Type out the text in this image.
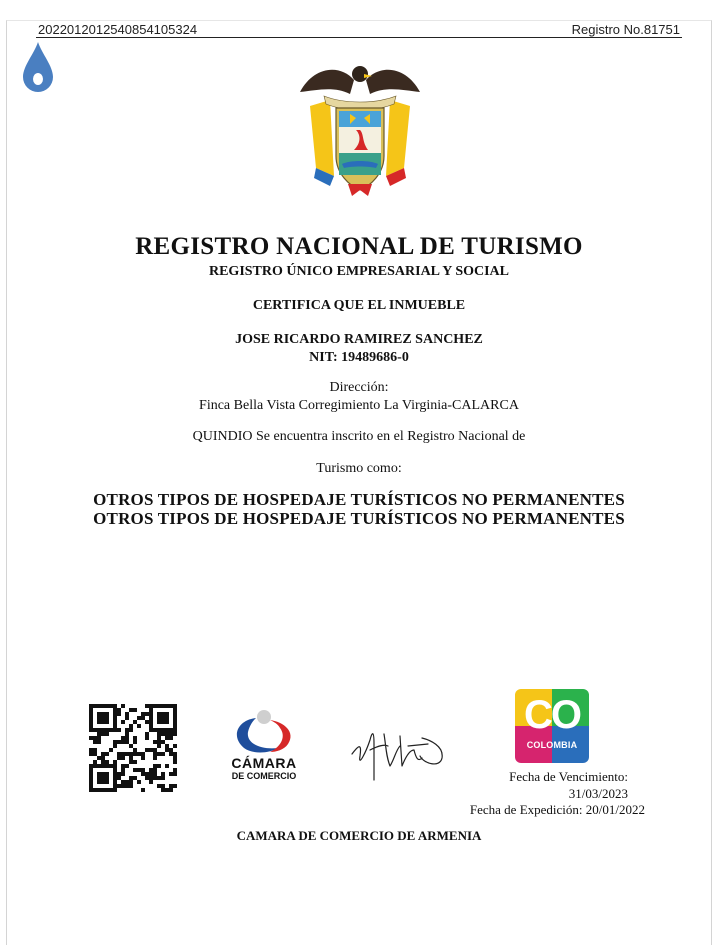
2022012012540854105324	Registro No.81751
REGISTRO NACIONAL DE TURISMO
REGISTRO ÚNICO EMPRESARIAL Y SOCIAL
CERTIFICA QUE EL INMUEBLE
JOSE RICARDO RAMIREZ SANCHEZ
NIT: 19489686-0
Dirección:
Finca Bella Vista Corregimiento La Virginia-CALARCA
QUINDIO Se encuentra inscrito en el Registro Nacional de
Turismo como:
OTROS TIPOS DE HOSPEDAJE TURÍSTICOS NO PERMANENTES
OTROS TIPOS DE HOSPEDAJE TURÍSTICOS NO PERMANENTES
CÁMARA
DE COMERCIO
CO
COLOMBIA
Fecha de Vencimiento:
31/03/2023
Fecha de Expedición: 20/01/2022
CAMARA DE COMERCIO DE ARMENIA
